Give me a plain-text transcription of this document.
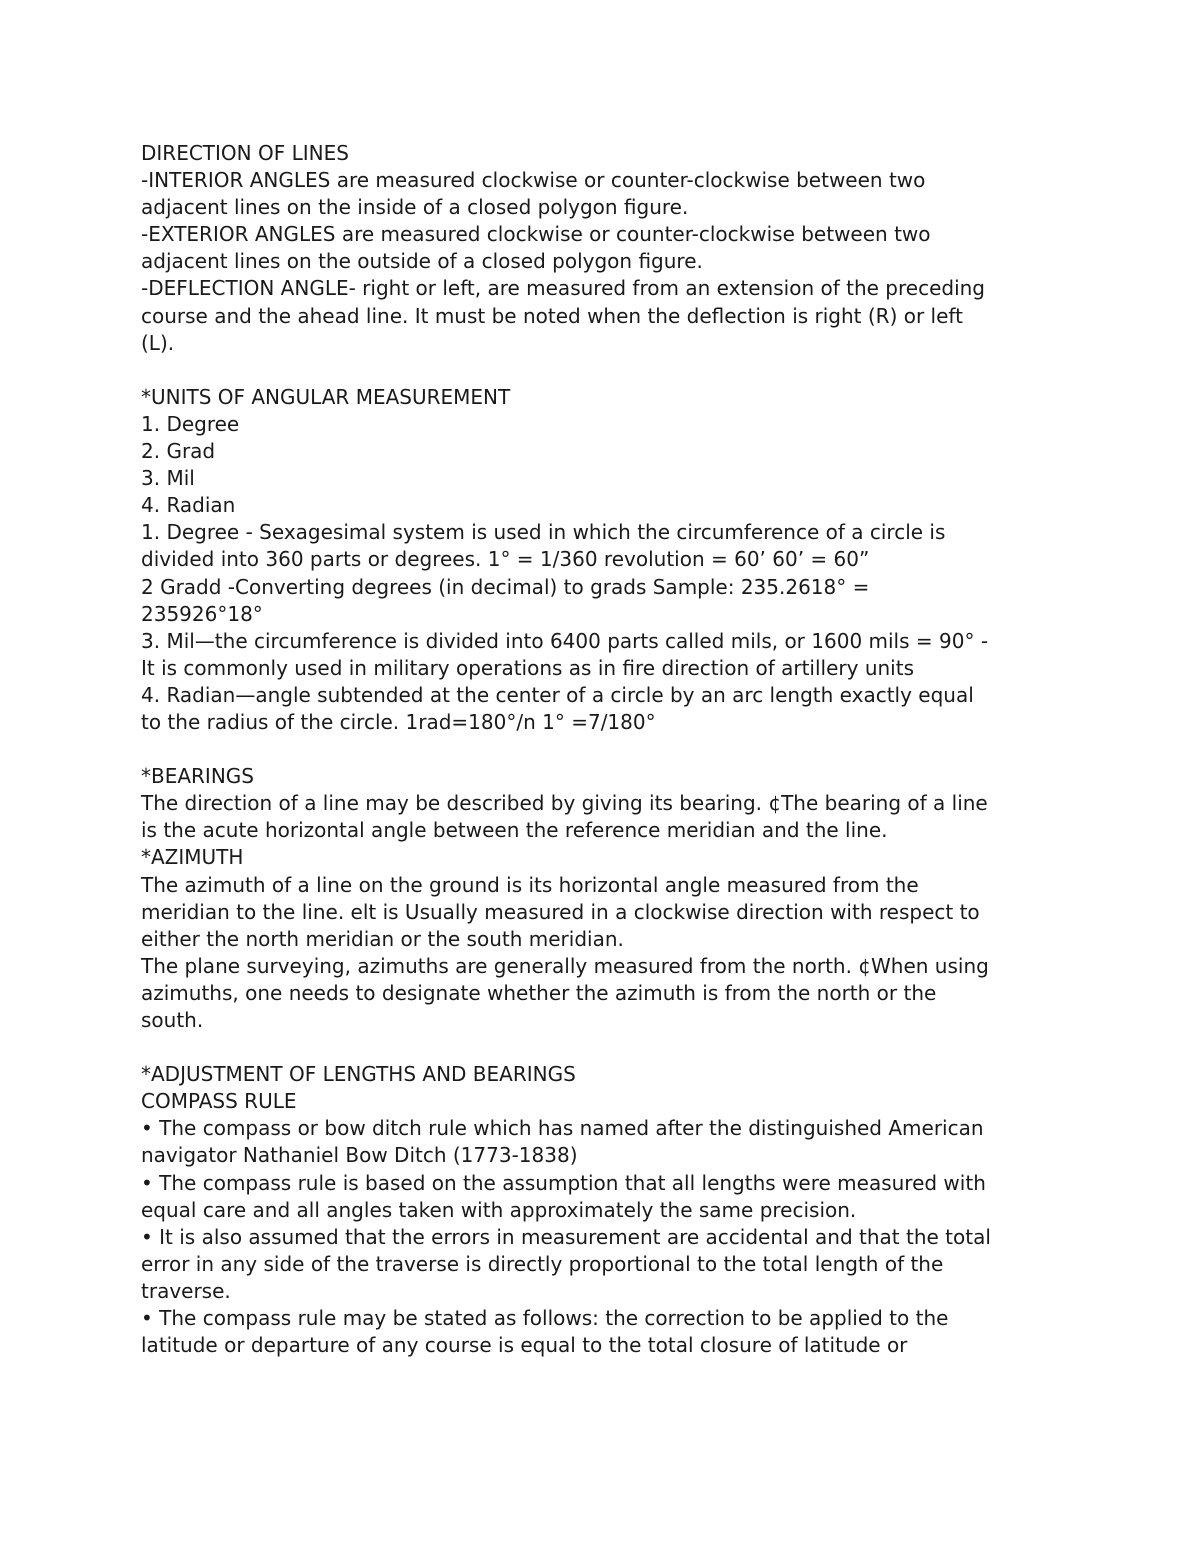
DIRECTION OF LINES
-INTERIOR ANGLES are measured clockwise or counter-clockwise between two
adjacent lines on the inside of a closed polygon figure.
-EXTERIOR ANGLES are measured clockwise or counter-clockwise between two
adjacent lines on the outside of a closed polygon figure.
-DEFLECTION ANGLE- right or left, are measured from an extension of the preceding
course and the ahead line. It must be noted when the deflection is right (R) or left
(L).
*UNITS OF ANGULAR MEASUREMENT
1. Degree
2. Grad
3. Mil
4. Radian
1. Degree - Sexagesimal system is used in which the circumference of a circle is
divided into 360 parts or degrees. 1° = 1/360 revolution = 60’ 60’ = 60”
2 Gradd -Converting degrees (in decimal) to grads Sample: 235.2618° =
235926°18°
3. Mil—the circumference is divided into 6400 parts called mils, or 1600 mils = 90° -
It is commonly used in military operations as in fire direction of artillery units
4. Radian—angle subtended at the center of a circle by an arc length exactly equal
to the radius of the circle. 1rad=180°/n 1° =7/180°
*BEARINGS
The direction of a line may be described by giving its bearing. ¢The bearing of a line
is the acute horizontal angle between the reference meridian and the line.
*AZIMUTH
The azimuth of a line on the ground is its horizontal angle measured from the
meridian to the line. elt is Usually measured in a clockwise direction with respect to
either the north meridian or the south meridian.
The plane surveying, azimuths are generally measured from the north. ¢When using
azimuths, one needs to designate whether the azimuth is from the north or the
south.
*ADJUSTMENT OF LENGTHS AND BEARINGS
COMPASS RULE
• The compass or bow ditch rule which has named after the distinguished American
navigator Nathaniel Bow Ditch (1773-1838)
• The compass rule is based on the assumption that all lengths were measured with
equal care and all angles taken with approximately the same precision.
• It is also assumed that the errors in measurement are accidental and that the total
error in any side of the traverse is directly proportional to the total length of the
traverse.
• The compass rule may be stated as follows: the correction to be applied to the
latitude or departure of any course is equal to the total closure of latitude or
